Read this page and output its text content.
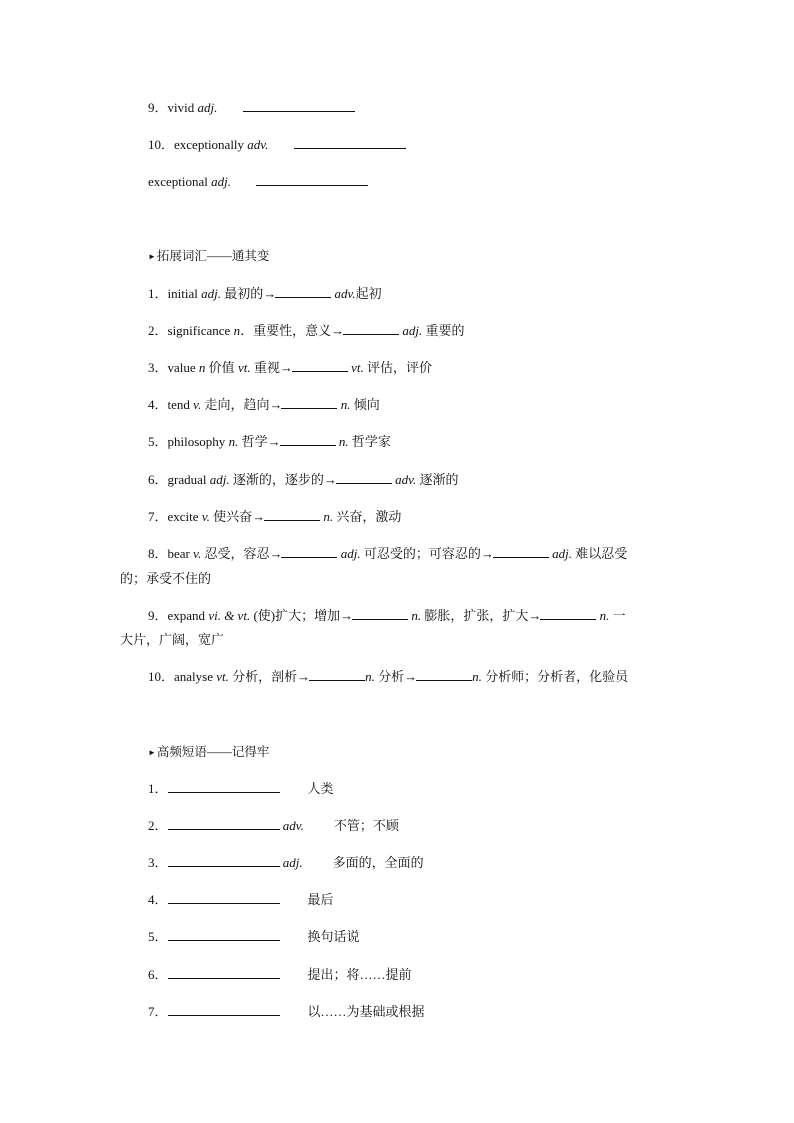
9．vivid adj.
10．exceptionally adv.
exceptional adj.
►拓展词汇——通其变
1．initial adj. 最初的→	adv.起初
2．significance n．重要性，意义→	adj. 重要的
3．value n 价值 vt. 重视→	vt. 评估，评价
4．tend v. 走向，趋向→	n. 倾向
5．philosophy n. 哲学→	n. 哲学家
6．gradual adj. 逐渐的，逐步的→	adv. 逐渐的
7．excite v. 使兴奋→	n. 兴奋，激动
8．bear v. 忍受，容忍→	adj. 可忍受的；可容忍的→	adj. 难以忍受
的；承受不住的
9．expand vi. & vt. (使)扩大；增加→	n. 膨胀，扩张，扩大→	n. 一
大片，广阔，宽广
10．analyse vt. 分析，剖析→	n. 分析→	n. 分析师；分析者，化验员
►高频短语——记得牢
1．	人类
2．	adv. 不管；不顾
3．	adj. 多面的，全面的
4．	最后
5．	换句话说
6．	提出；将……提前
7．	以……为基础或根据
